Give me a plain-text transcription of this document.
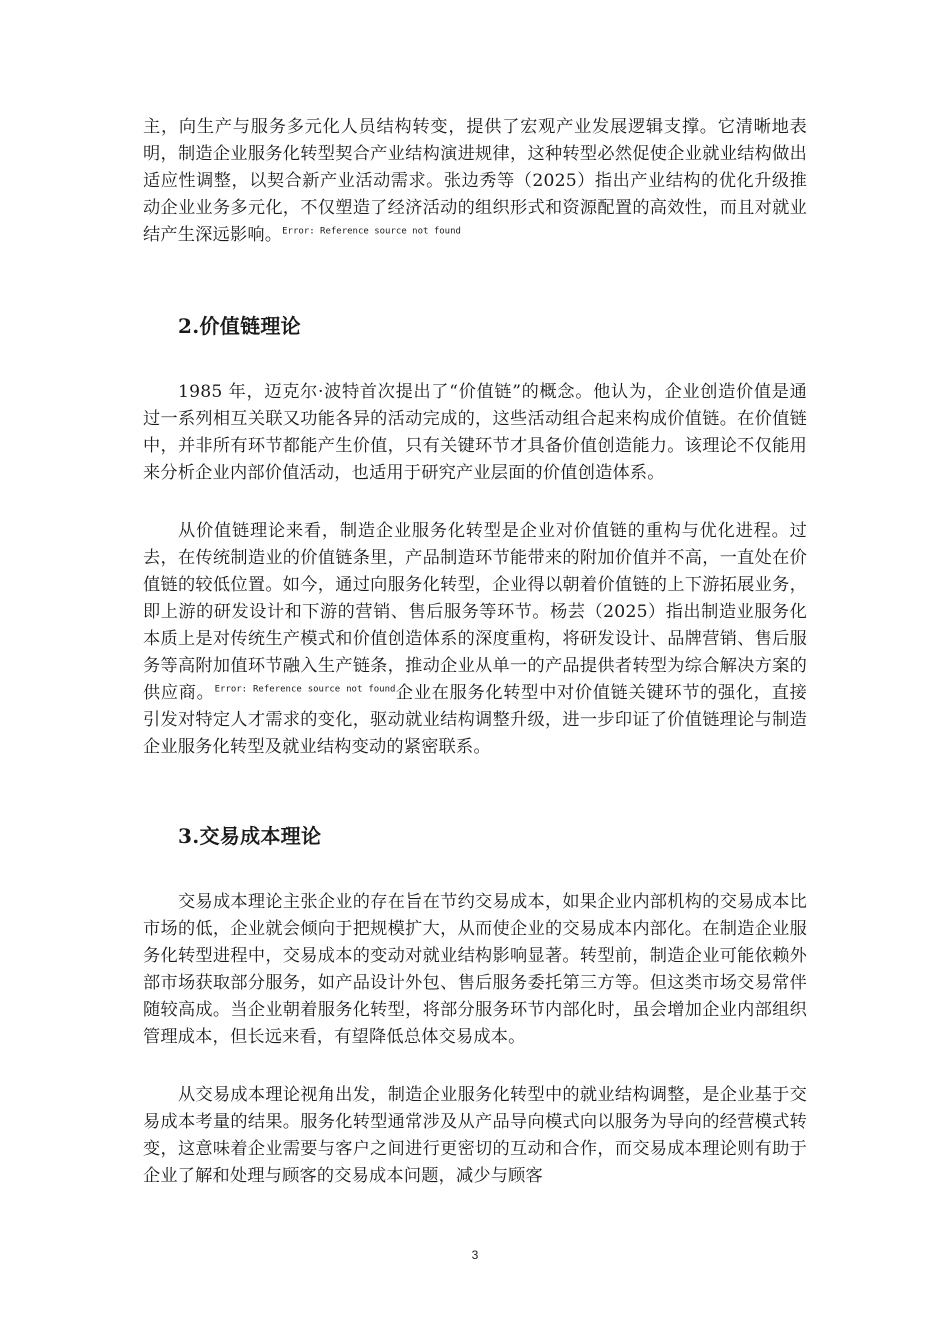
主，向生产与服务多元化人员结构转变，提供了宏观产业发展逻辑支撑。它清晰地表明，制造企业服务化转型契合产业结构演进规律，这种转型必然促使企业就业结构做出适应性调整，以契合新产业活动需求。张边秀等（2025）指出产业结构的优化升级推动企业业务多元化，不仅塑造了经济活动的组织形式和资源配置的高效性，而且对就业结产生深远影响。$^{Error: Reference source not found}$

2.价值链理论

1985 年，迈克尔·波特首次提出了“价值链”的概念。他认为，企业创造价值是通过一系列相互关联又功能各异的活动完成的，这些活动组合起来构成价值链。在价值链中，并非所有环节都能产生价值，只有关键环节才具备价值创造能力。该理论不仅能用来分析企业内部价值活动，也适用于研究产业层面的价值创造体系。

从价值链理论来看，制造企业服务化转型是企业对价值链的重构与优化进程。过去，在传统制造业的价值链条里，产品制造环节能带来的附加价值并不高，一直处在价值链的较低位置。如今，通过向服务化转型，企业得以朝着价值链的上下游拓展业务，即上游的研发设计和下游的营销、售后服务等环节。杨芸（2025）指出制造业服务化本质上是对传统生产模式和价值创造体系的深度重构，将研发设计、品牌营销、售后服务等高附加值环节融入生产链条，推动企业从单一的产品提供者转型为综合解决方案的供应商。$^{Error: Reference source not found}$企业在服务化转型中对价值链关键环节的强化，直接引发对特定人才需求的变化，驱动就业结构调整升级，进一步印证了价值链理论与制造企业服务化转型及就业结构变动的紧密联系。

3.交易成本理论

交易成本理论主张企业的存在旨在节约交易成本，如果企业内部机构的交易成本比市场的低，企业就会倾向于把规模扩大，从而使企业的交易成本内部化。在制造企业服务化转型进程中，交易成本的变动对就业结构影响显著。转型前，制造企业可能依赖外部市场获取部分服务，如产品设计外包、售后服务委托第三方等。但这类市场交易常伴随较高成。当企业朝着服务化转型，将部分服务环节内部化时，虽会增加企业内部组织管理成本，但长远来看，有望降低总体交易成本。

从交易成本理论视角出发，制造企业服务化转型中的就业结构调整，是企业基于交易成本考量的结果。服务化转型通常涉及从产品导向模式向以服务为导向的经营模式转变，这意味着企业需要与客户之间进行更密切的互动和合作，而交易成本理论则有助于企业了解和处理与顾客的交易成本问题，减少与顾客

3
